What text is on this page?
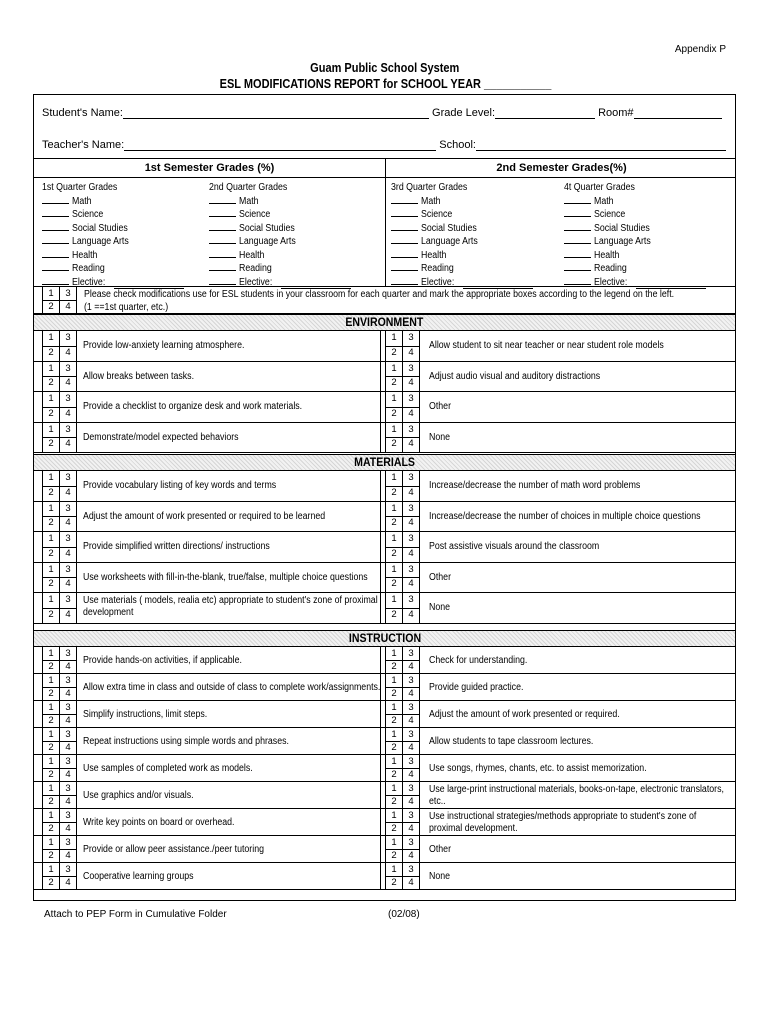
Appendix P
Guam Public School System
ESL MODIFICATIONS REPORT for SCHOOL YEAR ___________
Student's Name:	Grade Level:	Room#
Teacher's Name:	School:
1st Semester Grades (%)	2nd Semester Grades(%)
1st Quarter Grades
Math
Science
Social Studies
Language Arts
Health
Reading
Elective:
2nd Quarter Grades
Math
Science
Social Studies
Language Arts
Health
Reading
Elective:
3rd Quarter Grades
Math
Science
Social Studies
Language Arts
Health
Reading
Elective:
4t Quarter Grades
Math
Science
Social Studies
Language Arts
Health
Reading
Elective:
1	3
2	4
Please check modifications use for ESL students in your classroom for each quarter and mark the appropriate boxes according to the legend on the left.
(1 ==1st quarter, etc.)
ENVIRONMENT
1	3
2	4
1	3
2	4
Provide low-anxiety learning atmosphere.	Allow student to sit near teacher or near student role models
1	3
2	4
1	3
2	4
Allow breaks between tasks.	Adjust audio visual and auditory distractions
1	3
2	4
1	3
2	4
Provide a checklist to organize desk and work materials.	Other
1	3
2	4
1	3
2	4
Demonstrate/model expected behaviors	None
MATERIALS
1	3
2	4
1	3
2	4
Provide vocabulary listing of key words and terms	Increase/decrease the number of math word problems
1	3
2	4
1	3
2	4
Adjust the amount of work presented or required to be learned	Increase/decrease the number of choices in multiple choice questions
1	3
2	4
1	3
2	4
Provide simplified written directions/ instructions	Post assistive visuals around the classroom
1	3
2	4
1	3
2	4
Use worksheets with fill-in-the-blank, true/false, multiple choice questions	Other
1	3
2	4
1	3
2	4
Use materials ( models, realia etc) appropriate to student's zone of proximal development	None
INSTRUCTION
1	3
2	4
1	3
2	4
Provide hands-on activities, if applicable.	Check for understanding.
1	3
2	4
1	3
2	4
Allow extra time in class and outside of class to complete work/assignments.	Provide guided practice.
1	3
2	4
1	3
2	4
Simplify instructions, limit steps.	Adjust the amount of work presented or required.
1	3
2	4
1	3
2	4
Repeat instructions using simple words and phrases.	Allow students to tape classroom lectures.
1	3
2	4
1	3
2	4
Use samples of completed work as models.	Use songs, rhymes, chants, etc. to assist memorization.
1	3
2	4
1	3
2	4
Use graphics and/or visuals.	Use large-print instructional materials, books-on-tape, electronic translators, etc..
1	3
2	4
1	3
2	4
Write key points on board or overhead.	Use instructional strategies/methods appropriate to student's zone of proximal development.
1	3
2	4
1	3
2	4
Provide or allow peer assistance./peer tutoring	Other
1	3
2	4
1	3
2	4
Cooperative learning groups	None
Attach to PEP Form in Cumulative Folder	(02/08)
